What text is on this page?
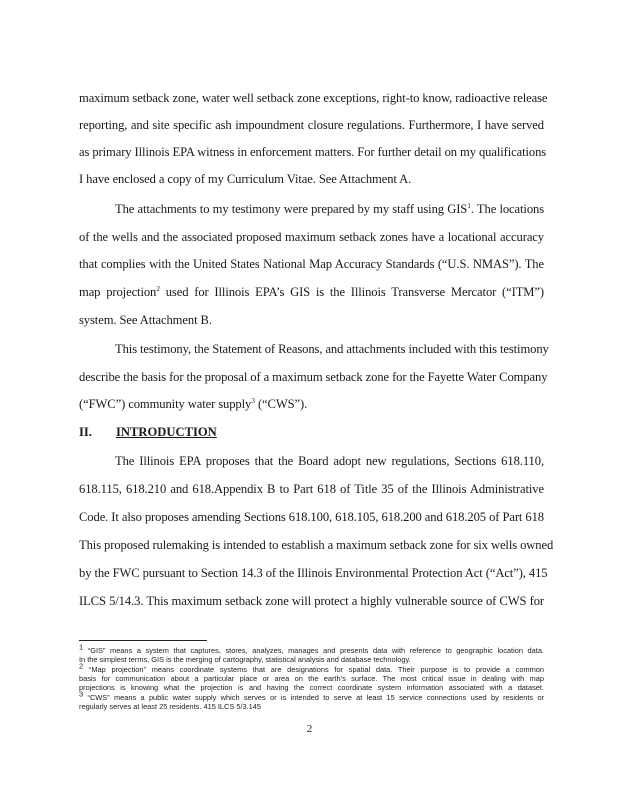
maximum setback zone, water well setback zone exceptions, right-to know, radioactive release
reporting, and site specific ash impoundment closure regulations. Furthermore, I have served
as primary Illinois EPA witness in enforcement matters. For further detail on my qualifications
I have enclosed a copy of my Curriculum Vitae. See Attachment A.
The attachments to my testimony were prepared by my staff using GIS$^1$. The locations
of the wells and the associated proposed maximum setback zones have a locational accuracy
that complies with the United States National Map Accuracy Standards (“U.S. NMAS”). The
map projection$^2$ used for Illinois EPA’s GIS is the Illinois Transverse Mercator (“ITM”)
system. See Attachment B.
This testimony, the Statement of Reasons, and attachments included with this testimony
describe the basis for the proposal of a maximum setback zone for the Fayette Water Company
(“FWC”) community water supply$^3$ (“CWS”).
II. INTRODUCTION
The Illinois EPA proposes that the Board adopt new regulations, Sections 618.110,
618.115, 618.210 and 618.Appendix B to Part 618 of Title 35 of the Illinois Administrative
Code. It also proposes amending Sections 618.100, 618.105, 618.200 and 618.205 of Part 618
This proposed rulemaking is intended to establish a maximum setback zone for six wells owned
by the FWC pursuant to Section 14.3 of the Illinois Environmental Protection Act (“Act”), 415
ILCS 5/14.3. This maximum setback zone will protect a highly vulnerable source of CWS for
$^1$ “GIS” means a system that captures, stores, analyzes, manages and presents data with reference to geographic location data.
In the simplest terms, GIS is the merging of cartography, statistical analysis and database technology.
$^2$ “Map projection” means coordinate systems that are designations for spatial data. Their purpose is to provide a common
basis for communication about a particular place or area on the earth’s surface. The most critical issue in dealing with map
projections is knowing what the projection is and having the correct coordinate system information associated with a dataset.
$^3$ “CWS” means a public water supply which serves or is intended to serve at least 15 service connections used by residents or
regularly serves at least 25 residents. 415 ILCS 5/3.145
2
